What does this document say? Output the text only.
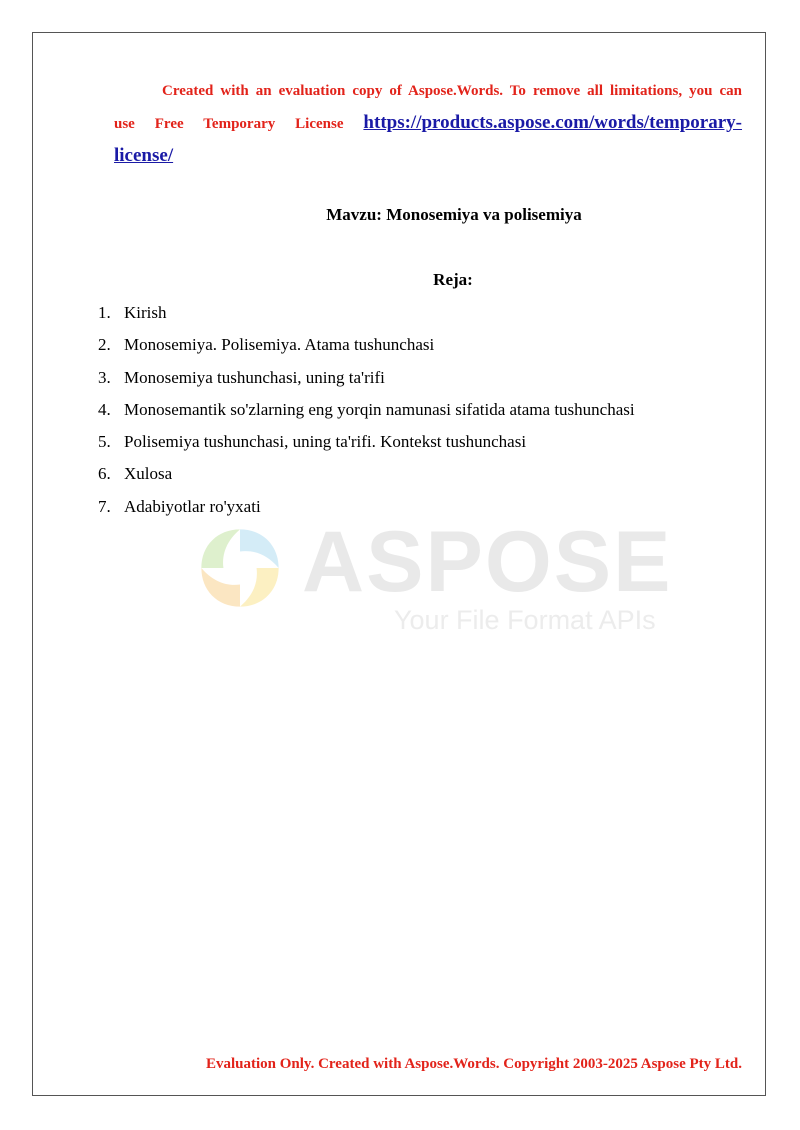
Created with an evaluation copy of Aspose.Words. To remove all limitations, you can use Free Temporary License https://products.aspose.com/words/temporary-license/
Mavzu: Monosemiya va polisemiya
Reja:
1. Kirish
2. Monosemiya. Polisemiya. Atama tushunchasi
3. Monosemiya tushunchasi, uning ta'rifi
4. Monosemantik so'zlarning eng yorqin namunasi sifatida atama tushunchasi
5. Polisemiya tushunchasi, uning ta'rifi. Kontekst tushunchasi
6. Xulosa
7. Adabiyotlar ro'yxati
ASPOSE
Your File Format APIs
Evaluation Only. Created with Aspose.Words. Copyright 2003-2025 Aspose Pty Ltd.
